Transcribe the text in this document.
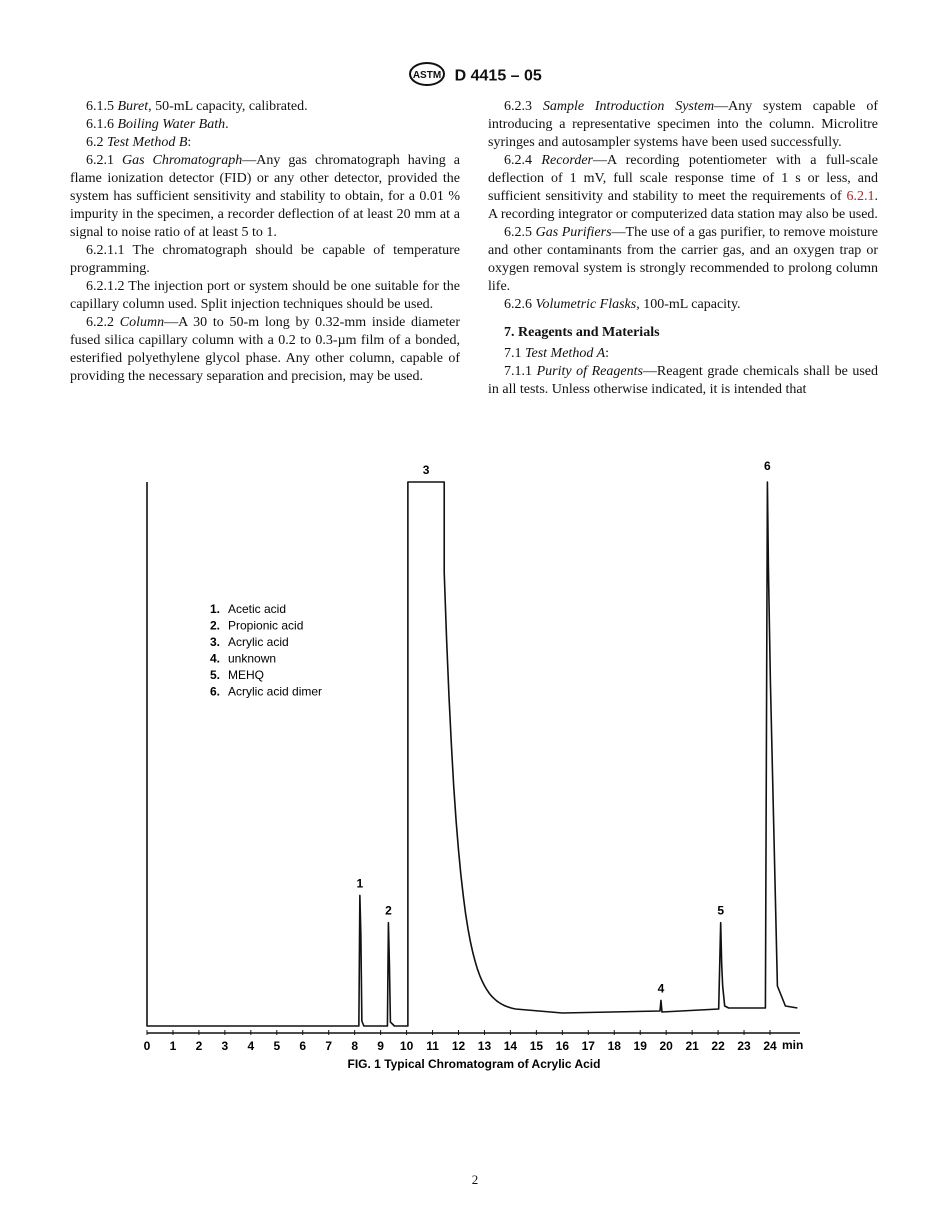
ASTM D 4415 – 05

6.1.5 Buret, 50-mL capacity, calibrated.

6.1.6 Boiling Water Bath.

6.2 Test Method B:

6.2.1 Gas Chromatograph—Any gas chromatograph having a flame ionization detector (FID) or any other detector, provided the system has sufficient sensitivity and stability to obtain, for a 0.01 % impurity in the specimen, a recorder deflection of at least 20 mm at a signal to noise ratio of at least 5 to 1.

6.2.1.1 The chromatograph should be capable of temperature programming.

6.2.1.2 The injection port or system should be one suitable for the capillary column used. Split injection techniques should be used.

6.2.2 Column—A 30 to 50-m long by 0.32-mm inside diameter fused silica capillary column with a 0.2 to 0.3-µm film of a bonded, esterified polyethylene glycol phase. Any other column, capable of providing the necessary separation and precision, may be used.

6.2.3 Sample Introduction System—Any system capable of introducing a representative specimen into the column. Microlitre syringes and autosampler systems have been used successfully.

6.2.4 Recorder—A recording potentiometer with a full-scale deflection of 1 mV, full scale response time of 1 s or less, and sufficient sensitivity and stability to meet the requirements of 6.2.1. A recording integrator or computerized data station may also be used.

6.2.5 Gas Purifiers—The use of a gas purifier, to remove moisture and other contaminants from the carrier gas, and an oxygen trap or oxygen removal system is strongly recommended to prolong column life.

6.2.6 Volumetric Flasks, 100-mL capacity.

7. Reagents and Materials

7.1 Test Method A:

7.1.1 Purity of Reagents—Reagent grade chemicals shall be used in all tests. Unless otherwise indicated, it is intended that

0 1 2 3 4 5 6 7 8 9 10 11 12 13 14 15 16 17 18 19 20 21 22 23 24 min
1
2
3
4
5
6
1. Acetic acid
2. Propionic acid
3. Acrylic acid
4. unknown
5. MEHQ
6. Acrylic acid dimer
FIG. 1 Typical Chromatogram of Acrylic Acid
2
